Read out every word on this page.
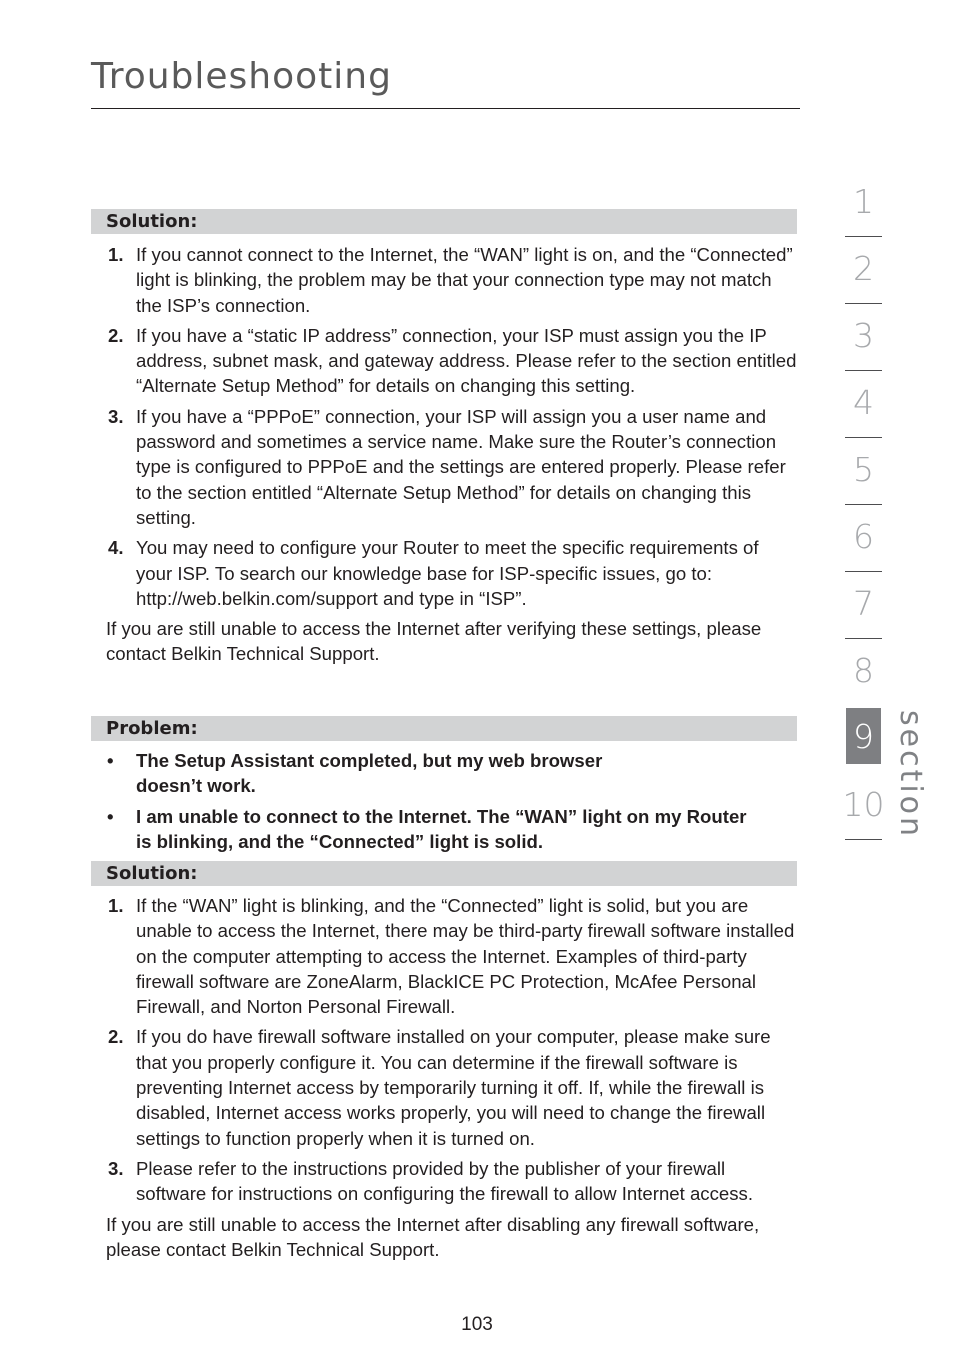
Troubleshooting
Solution:
1. If you cannot connect to the Internet, the “WAN” light is on, and the “Connected” light is blinking, the problem may be that your connection type may not match the ISP’s connection.

2. If you have a “static IP address” connection, your ISP must assign you the IP address, subnet mask, and gateway address. Please refer to the section entitled “Alternate Setup Method” for details on changing this setting.

3. If you have a “PPPoE” connection, your ISP will assign you a user name and password and sometimes a service name. Make sure the Router’s connection type is configured to PPPoE and the settings are entered properly. Please refer to the section entitled “Alternate Setup Method” for details on changing this setting.

4. You may need to configure your Router to meet the specific requirements of your ISP. To search our knowledge base for ISP-specific issues, go to: http://web.belkin.com/support and type in “ISP”.

If you are still unable to access the Internet after verifying these settings, please contact Belkin Technical Support.

Problem:
• The Setup Assistant completed, but my web browser doesn’t work.

• I am unable to connect to the Internet. The “WAN” light on my Router is blinking, and the “Connected” light is solid.

Solution:
1. If the “WAN” light is blinking, and the “Connected” light is solid, but you are unable to access the Internet, there may be third-party firewall software installed on the computer attempting to access the Internet. Examples of third-party firewall software are ZoneAlarm, BlackICE PC Protection, McAfee Personal Firewall, and Norton Personal Firewall.

2. If you do have firewall software installed on your computer, please make sure that you properly configure it. You can determine if the firewall software is preventing Internet access by temporarily turning it off. If, while the firewall is disabled, Internet access works properly, you will need to change the firewall settings to function properly when it is turned on.

3. Please refer to the instructions provided by the publisher of your firewall software for instructions on configuring the firewall to allow Internet access.

If you are still unable to access the Internet after disabling any firewall software, please contact Belkin Technical Support.

103
1
2
3
4
5
6
7
8
9
10 section
